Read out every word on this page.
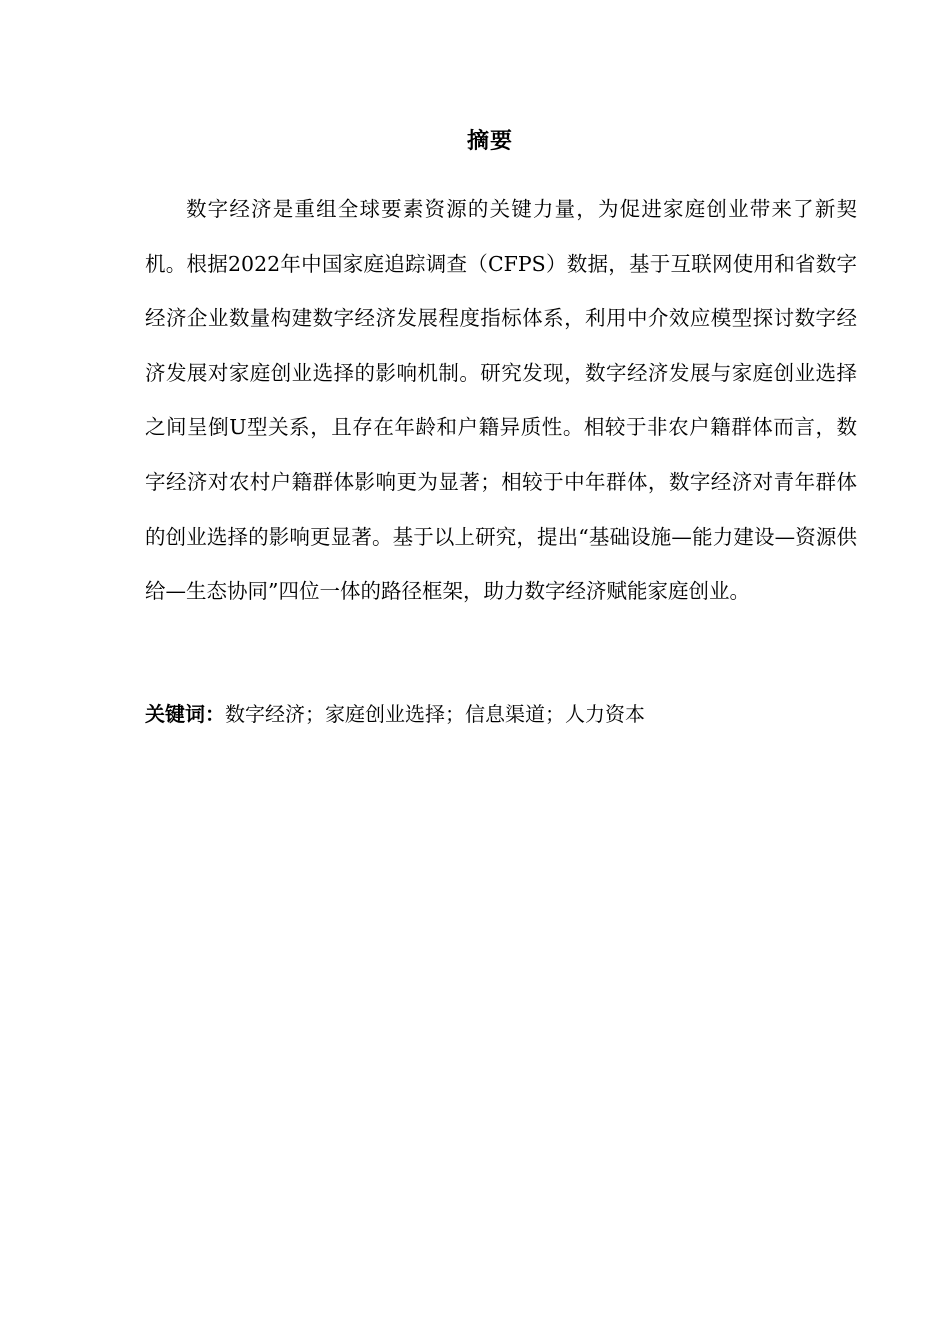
摘要

数字经济是重组全球要素资源的关键力量，为促进家庭创业带来了新契机。根据2022年中国家庭追踪调查（CFPS）数据，基于互联网使用和省数字经济企业数量构建数字经济发展程度指标体系，利用中介效应模型探讨数字经济发展对家庭创业选择的影响机制。研究发现，数字经济发展与家庭创业选择之间呈倒U型关系，且存在年龄和户籍异质性。相较于非农户籍群体而言，数字经济对农村户籍群体影响更为显著；相较于中年群体，数字经济对青年群体的创业选择的影响更显著。基于以上研究，提出“基础设施—能力建设—资源供给—生态协同”四位一体的路径框架，助力数字经济赋能家庭创业。

关键词：数字经济；家庭创业选择；信息渠道；人力资本
